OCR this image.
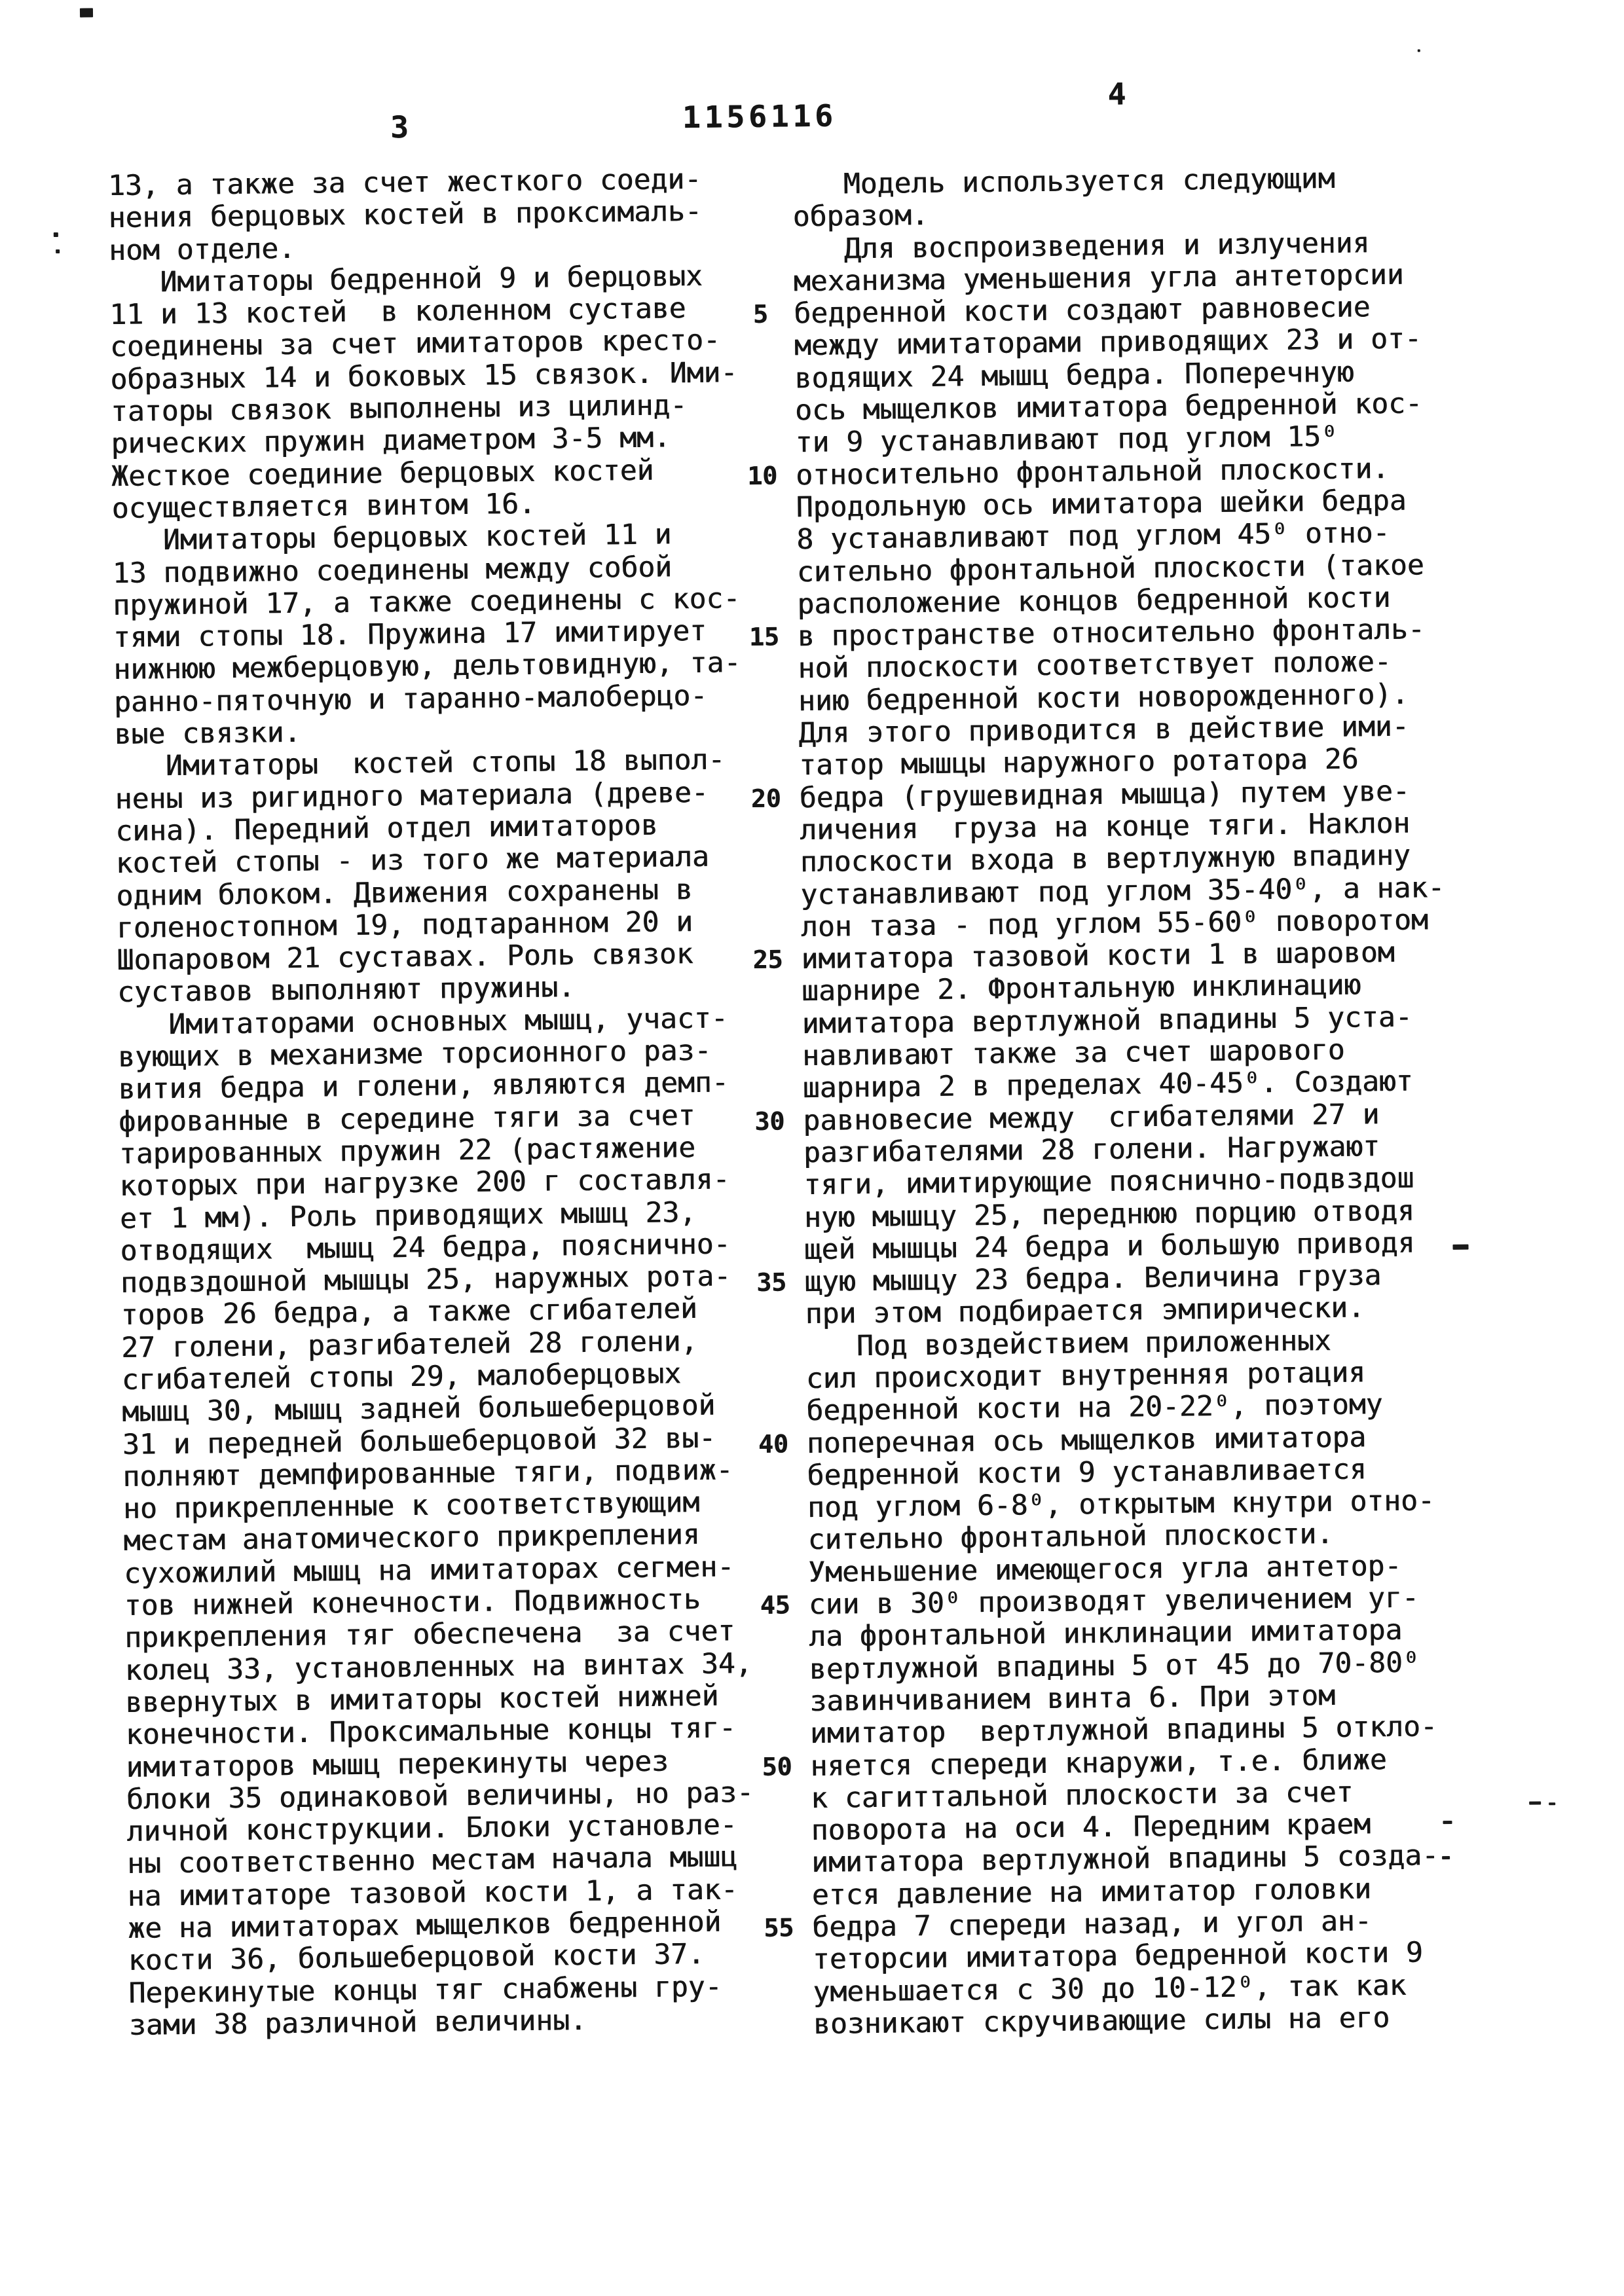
3	1156116
4
13, а также за счет жесткого соеди-
нения берцовых костей в проксималь-
ном отделе.
Имитаторы бедренной 9 и берцовых
11 и 13 костей  в коленном суставе
соединены за счет имитаторов кресто-
образных 14 и боковых 15 связок. Ими-
таторы связок выполнены из цилинд-
рических пружин диаметром 3-5 мм.
Жесткое соединие берцовых костей
осуществляется винтом 16.
Имитаторы берцовых костей 11 и
13 подвижно соединены между собой
пружиной 17, а также соединены с кос-
тями стопы 18. Пружина 17 имитирует
нижнюю межберцовую, дельтовидную, та-
ранно-пяточную и таранно-малоберцо-
вые связки.
Имитаторы  костей стопы 18 выпол-
нены из ригидного материала (древе-
сина). Передний отдел имитаторов
костей стопы - из того же материала
одним блоком. Движения сохранены в
голеностопном 19, подтаранном 20 и
Шопаровом 21 суставах. Роль связок
суставов выполняют пружины.
Имитаторами основных мышц, участ-
вующих в механизме торсионного раз-
вития бедра и голени, являются демп-
фированные в середине тяги за счет
тарированных пружин 22 (растяжение
которых при нагрузке 200 г составля-
ет 1 мм). Роль приводящих мышц 23,
отводящих  мышц 24 бедра, пояснично-
подвздошной мышцы 25, наружных рота-
торов 26 бедра, а также сгибателей
27 голени, разгибателей 28 голени,
сгибателей стопы 29, малоберцовых
мышц 30, мышц задней большеберцовой
31 и передней большеберцовой 32 вы-
полняют демпфированные тяги, подвиж-
но прикрепленные к соответствующим
местам анатомического прикрепления
сухожилий мышц на имитаторах сегмен-
тов нижней конечности. Подвижность
прикрепления тяг обеспечена  за счет
колец 33, установленных на винтах 34,
ввернутых в имитаторы костей нижней
конечности. Проксимальные концы тяг-
имитаторов мышц перекинуты через
блоки 35 одинаковой величины, но раз-
личной конструкции. Блоки установле-
ны соответственно местам начала мышц
на имитаторе тазовой кости 1, а так-
же на имитаторах мыщелков бедренной
кости 36, большеберцовой кости 37.
Перекинутые концы тяг снабжены гру-
зами 38 различной величины.
5
10
15
20
25
30
35
40
45
50
55
Модель используется следующим
образом.
Для воспроизведения и излучения
механизма уменьшения угла антеторсии
бедренной кости создают равновесие
между имитаторами приводящих 23 и от-
водящих 24 мышц бедра. Поперечную
ось мыщелков имитатора бедренной кос-
ти 9 устанавливают под углом 15⁰
относительно фронтальной плоскости.
Продольную ось имитатора шейки бедра
8 устанавливают под углом 45⁰ отно-
сительно фронтальной плоскости (такое
расположение концов бедренной кости
в пространстве относительно фронталь-
ной плоскости соответствует положе-
нию бедренной кости новорожденного).
Для этого приводится в действие ими-
татор мышцы наружного ротатора 26
бедра (грушевидная мышца) путем уве-
личения  груза на конце тяги. Наклон
плоскости входа в вертлужную впадину
устанавливают под углом 35-40⁰, а нак-
лон таза - под углом 55-60⁰ поворотом
имитатора тазовой кости 1 в шаровом
шарнире 2. Фронтальную инклинацию
имитатора вертлужной впадины 5 уста-
навливают также за счет шарового
шарнира 2 в пределах 40-45⁰. Создают
равновесие между  сгибателями 27 и
разгибателями 28 голени. Нагружают
тяги, имитирующие пояснично-подвздош
ную мышцу 25, переднюю порцию отводя
щей мышцы 24 бедра и большую приводя
щую мышцу 23 бедра. Величина груза
при этом подбирается эмпирически.
Под воздействием приложенных
сил происходит внутренняя ротация
бедренной кости на 20-22⁰, поэтому
поперечная ось мыщелков имитатора
бедренной кости 9 устанавливается
под углом 6-8⁰, открытым кнутри отно-
сительно фронтальной плоскости.
Уменьшение имеющегося угла антетор-
сии в 30⁰ производят увеличением уг-
ла фронтальной инклинации имитатора
вертлужной впадины 5 от 45 до 70-80⁰
завинчиванием винта 6. При этом
имитатор  вертлужной впадины 5 откло-
няется спереди кнаружи, т.е. ближе
к сагиттальной плоскости за счет
поворота на оси 4. Передним краем
имитатора вертлужной впадины 5 созда-
ется давление на имитатор головки
бедра 7 спереди назад, и угол ан-
теторсии имитатора бедренной кости 9
уменьшается с 30 до 10-12⁰, так как
возникают скручивающие силы на его
